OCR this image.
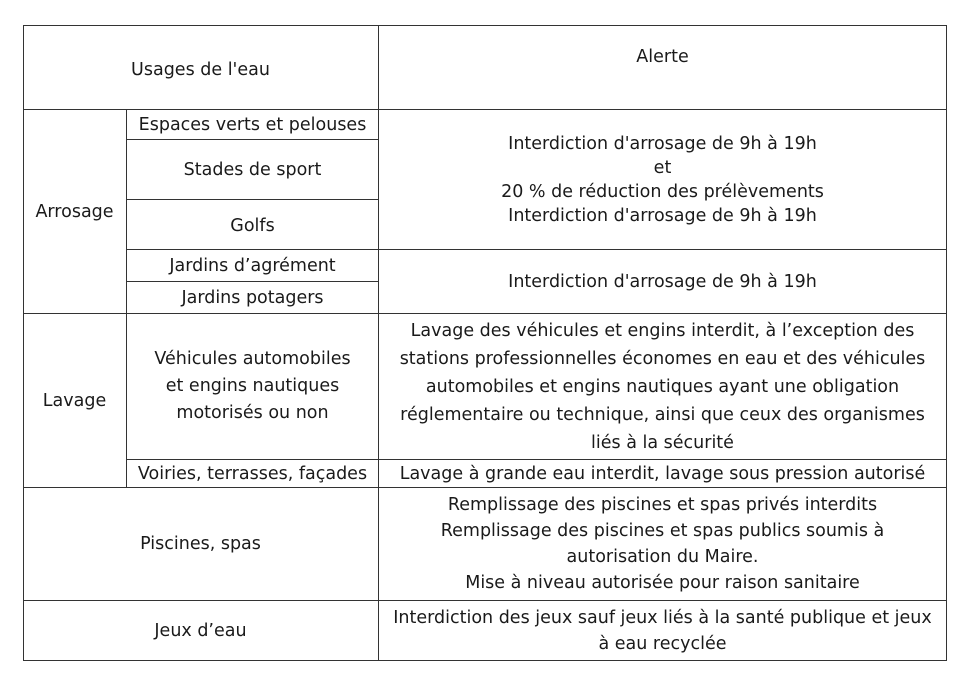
Usages de l'eau
Alerte
Arrosage
Espaces verts et pelouses
Stades de sport
Golfs
Interdiction d'arrosage de 9h à 19h
et
20 % de réduction des prélèvements
Interdiction d'arrosage de 9h à 19h
Jardins d’agrément
Jardins potagers
Interdiction d'arrosage de 9h à 19h
Lavage
Véhicules automobiles
et engins nautiques
motorisés ou non
Lavage des véhicules et engins interdit, à l’exception des
stations professionnelles économes en eau et des véhicules
automobiles et engins nautiques ayant une obligation
réglementaire ou technique, ainsi que ceux des organismes
liés à la sécurité
Voiries, terrasses, façades Lavage à grande eau interdit, lavage sous pression autorisé
Piscines, spas
Remplissage des piscines et spas privés interdits
Remplissage des piscines et spas publics soumis à
autorisation du Maire.
Mise à niveau autorisée pour raison sanitaire
Jeux d’eau
Interdiction des jeux sauf jeux liés à la santé publique et jeux
à eau recyclée
